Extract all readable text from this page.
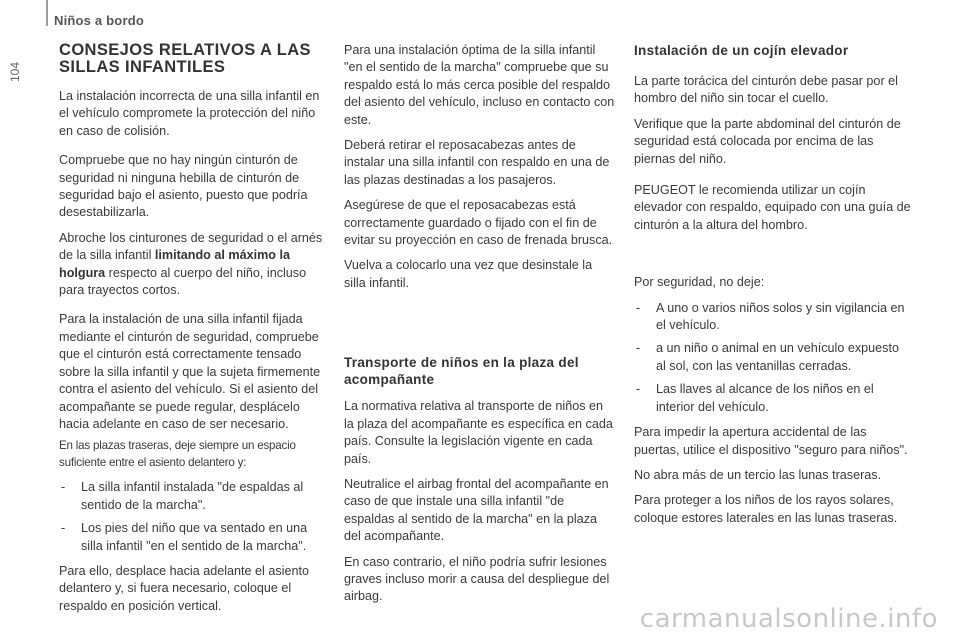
Niños a bordo
104
CONSEJOS RELATIVOS A LAS SILLAS INFANTILES

La instalación incorrecta de una silla infantil en el vehículo compromete la protección del niño en caso de colisión.

Compruebe que no hay ningún cinturón de seguridad ni ninguna hebilla de cinturón de seguridad bajo el asiento, puesto que podría desestabilizarla.

Abroche los cinturones de seguridad o el arnés de la silla infantil limitando al máximo la holgura respecto al cuerpo del niño, incluso para trayectos cortos.

Para la instalación de una silla infantil fijada mediante el cinturón de seguridad, compruebe que el cinturón está correctamente tensado sobre la silla infantil y que la sujeta firmemente contra el asiento del vehículo. Si el asiento del acompañante se puede regular, desplácelo hacia adelante en caso de ser necesario.

En las plazas traseras, deje siempre un espacio suficiente entre el asiento delantero y:

- La silla infantil instalada "de espaldas al sentido de la marcha".
- Los pies del niño que va sentado en una silla infantil "en el sentido de la marcha".

Para ello, desplace hacia adelante el asiento delantero y, si fuera necesario, coloque el respaldo en posición vertical.

Para una instalación óptima de la silla infantil "en el sentido de la marcha" compruebe que su respaldo está lo más cerca posible del respaldo del asiento del vehículo, incluso en contacto con este.

Deberá retirar el reposacabezas antes de instalar una silla infantil con respaldo en una de las plazas destinadas a los pasajeros.

Asegúrese de que el reposacabezas está correctamente guardado o fijado con el fin de evitar su proyección en caso de frenada brusca.

Vuelva a colocarlo una vez que desinstale la silla infantil.

Transporte de niños en la plaza del acompañante

La normativa relativa al transporte de niños en la plaza del acompañante es específica en cada país. Consulte la legislación vigente en cada país.

Neutralice el airbag frontal del acompañante en caso de que instale una silla infantil "de espaldas al sentido de la marcha" en la plaza del acompañante.

En caso contrario, el niño podría sufrir lesiones graves incluso morir a causa del despliegue del airbag.

Instalación de un cojín elevador

La parte torácica del cinturón debe pasar por el hombro del niño sin tocar el cuello.

Verifique que la parte abdominal del cinturón de seguridad está colocada por encima de las piernas del niño.

PEUGEOT le recomienda utilizar un cojín elevador con respaldo, equipado con una guía de cinturón a la altura del hombro.

Por seguridad, no deje:

- A uno o varios niños solos y sin vigilancia en el vehículo.
- a un niño o animal en un vehículo expuesto al sol, con las ventanillas cerradas.
- Las llaves al alcance de los niños en el interior del vehículo.

Para impedir la apertura accidental de las puertas, utilice el dispositivo "seguro para niños".

No abra más de un tercio las lunas traseras.

Para proteger a los niños de los rayos solares, coloque estores laterales en las lunas traseras.

carmanualsonline.info
